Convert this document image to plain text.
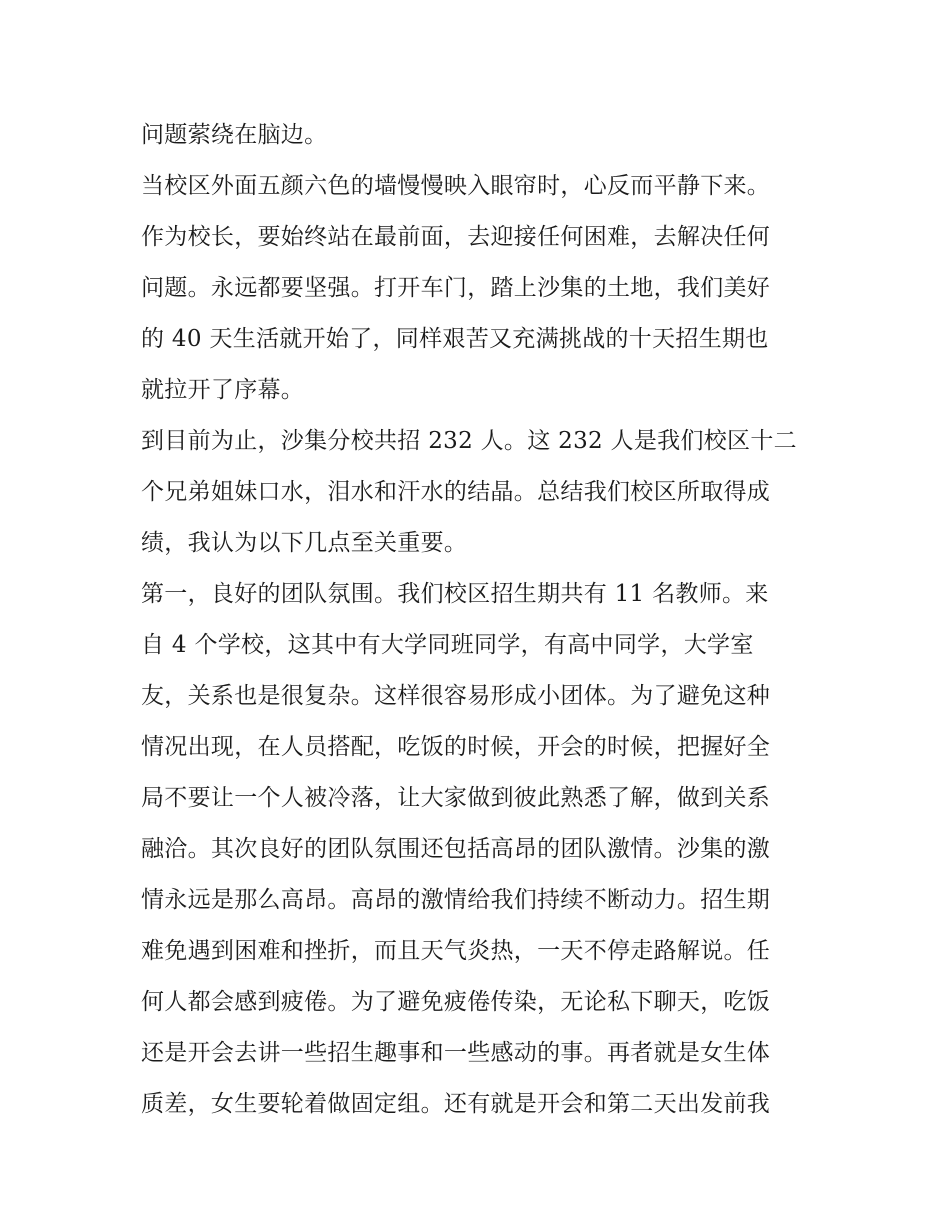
问题萦绕在脑边。
当校区外面五颜六色的墙慢慢映入眼帘时，心反而平静下来。
作为校长，要始终站在最前面，去迎接任何困难，去解决任何
问题。永远都要坚强。打开车门，踏上沙集的土地，我们美好
的 40 天生活就开始了，同样艰苦又充满挑战的十天招生期也
就拉开了序幕。
到目前为止，沙集分校共招 232 人。这 232 人是我们校区十二
个兄弟姐妹口水，泪水和汗水的结晶。总结我们校区所取得成
绩，我认为以下几点至关重要。
第一，良好的团队氛围。我们校区招生期共有 11 名教师。来
自 4 个学校，这其中有大学同班同学，有高中同学，大学室
友，关系也是很复杂。这样很容易形成小团体。为了避免这种
情况出现，在人员搭配，吃饭的时候，开会的时候，把握好全
局不要让一个人被冷落，让大家做到彼此熟悉了解，做到关系
融洽。其次良好的团队氛围还包括高昂的团队激情。沙集的激
情永远是那么高昂。高昂的激情给我们持续不断动力。招生期
难免遇到困难和挫折，而且天气炎热，一天不停走路解说。任
何人都会感到疲倦。为了避免疲倦传染，无论私下聊天，吃饭
还是开会去讲一些招生趣事和一些感动的事。再者就是女生体
质差，女生要轮着做固定组。还有就是开会和第二天出发前我
